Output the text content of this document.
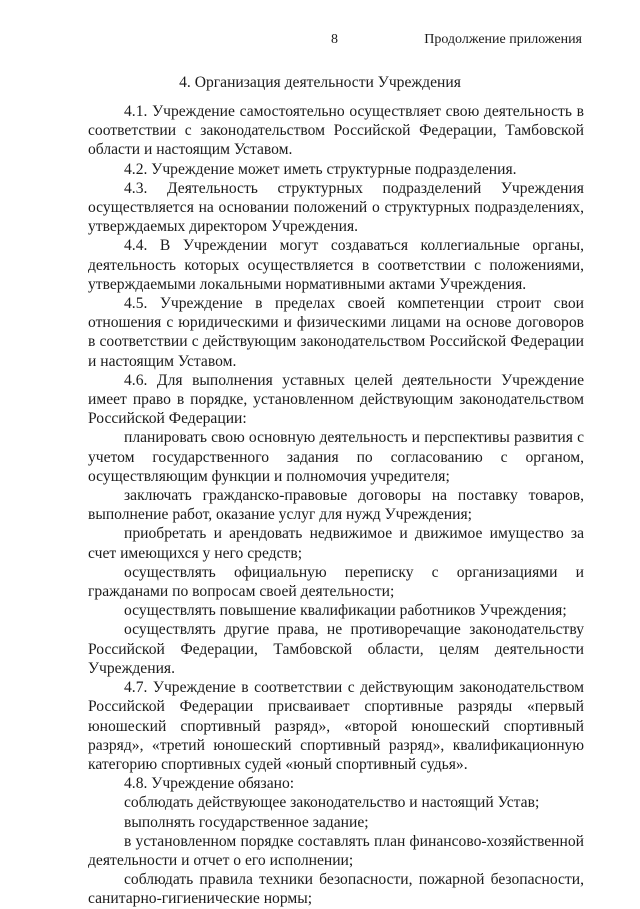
8	Продолжение приложения
4. Организация деятельности Учреждения

4.1. Учреждение самостоятельно осуществляет свою деятельность в соответствии с законодательством Российской Федерации, Тамбовской области и настоящим Уставом.

4.2. Учреждение может иметь структурные подразделения.

4.3. Деятельность структурных подразделений Учреждения осуществляется на основании положений о структурных подразделениях, утверждаемых директором Учреждения.

4.4. В Учреждении могут создаваться коллегиальные органы, деятельность которых осуществляется в соответствии с положениями, утверждаемыми локальными нормативными актами Учреждения.

4.5. Учреждение в пределах своей компетенции строит свои отношения с юридическими и физическими лицами на основе договоров в соответствии с действующим законодательством Российской Федерации и настоящим Уставом.

4.6. Для выполнения уставных целей деятельности Учреждение имеет право в порядке, установленном действующим законодательством Российской Федерации:

планировать свою основную деятельность и перспективы развития с учетом государственного задания по согласованию с органом, осуществляющим функции и полномочия учредителя;

заключать гражданско-правовые договоры на поставку товаров, выполнение работ, оказание услуг для нужд Учреждения;

приобретать и арендовать недвижимое и движимое имущество за счет имеющихся у него средств;

осуществлять официальную переписку с организациями и гражданами по вопросам своей деятельности;

осуществлять повышение квалификации работников Учреждения;

осуществлять другие права, не противоречащие законодательству Российской Федерации, Тамбовской области, целям деятельности Учреждения.

4.7. Учреждение в соответствии с действующим законодательством Российской Федерации присваивает спортивные разряды «первый юношеский спортивный разряд», «второй юношеский спортивный разряд», «третий юношеский спортивный разряд», квалификационную категорию спортивных судей «юный спортивный судья».

4.8. Учреждение обязано:

соблюдать действующее законодательство и настоящий Устав;

выполнять государственное задание;

в установленном порядке составлять план финансово-хозяйственной деятельности и отчет о его исполнении;

соблюдать правила техники безопасности, пожарной безопасности, санитарно-гигиенические нормы;
